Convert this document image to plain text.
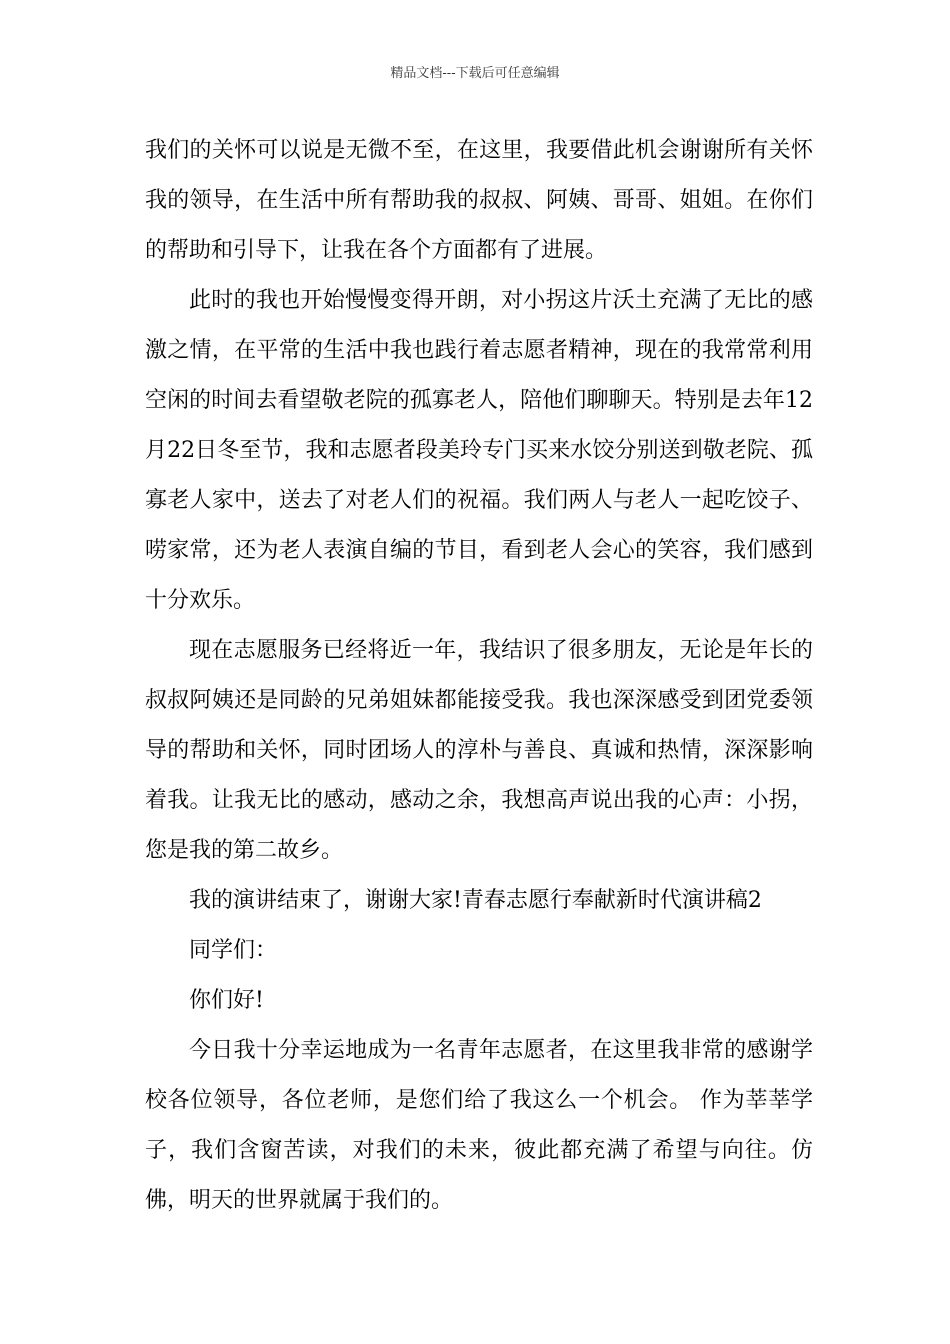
精品文档---下载后可任意编辑

我们的关怀可以说是无微不至，在这里，我要借此机会谢谢所有关怀我的领导，在生活中所有帮助我的叔叔、阿姨、哥哥、姐姐。在你们的帮助和引导下，让我在各个方面都有了进展。

此时的我也开始慢慢变得开朗，对小拐这片沃土充满了无比的感激之情，在平常的生活中我也践行着志愿者精神，现在的我常常利用空闲的时间去看望敬老院的孤寡老人，陪他们聊聊天。特别是去年12月22日冬至节，我和志愿者段美玲专门买来水饺分别送到敬老院、孤寡老人家中，送去了对老人们的祝福。我们两人与老人一起吃饺子、唠家常，还为老人表演自编的节目，看到老人会心的笑容，我们感到十分欢乐。

现在志愿服务已经将近一年，我结识了很多朋友，无论是年长的叔叔阿姨还是同龄的兄弟姐妹都能接受我。我也深深感受到团党委领导的帮助和关怀，同时团场人的淳朴与善良、真诚和热情，深深影响着我。让我无比的感动，感动之余，我想高声说出我的心声：小拐，您是我的第二故乡。

我的演讲结束了，谢谢大家!青春志愿行奉献新时代演讲稿2

同学们：

你们好!

今日我十分幸运地成为一名青年志愿者，在这里我非常的感谢学校各位领导，各位老师，是您们给了我这么一个机会。 作为莘莘学子，我们含窗苦读，对我们的未来，彼此都充满了希望与向往。仿佛，明天的世界就属于我们的。
